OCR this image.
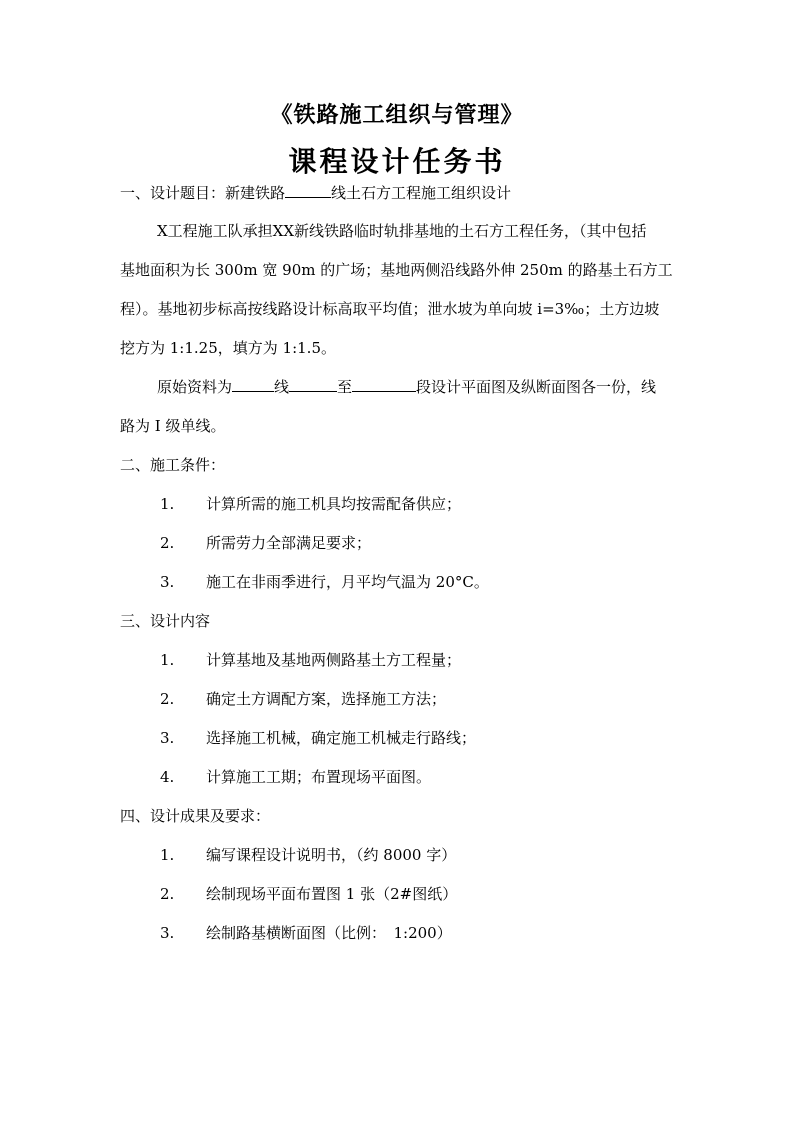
《铁路施工组织与管理》
课程设计任务书
一、设计题目：新建铁路	线土石方工程施工组织设计
X工程施工队承担XX新线铁路临时轨排基地的土石方工程任务，（其中包括
基地面积为长 300m 宽 90m 的广场；基地两侧沿线路外伸 250m 的路基土石方工
程）。基地初步标高按线路设计标高取平均值；泄水坡为单向坡 i=3‰；土方边坡
挖方为 1:1.25，填方为 1:1.5。
原始资料为	线	至	段设计平面图及纵断面图各一份，线
路为 I 级单线。
二、施工条件：
1. 计算所需的施工机具均按需配备供应；
2. 所需劳力全部满足要求；
3. 施工在非雨季进行，月平均气温为 20°C。
三、设计内容
1. 计算基地及基地两侧路基土方工程量；
2. 确定土方调配方案，选择施工方法；
3. 选择施工机械，确定施工机械走行路线；
4. 计算施工工期；布置现场平面图。
四、设计成果及要求：
1. 编写课程设计说明书，（约 8000 字）
2. 绘制现场平面布置图 1 张（2#图纸）
3. 绘制路基横断面图（比例：　1:200）
